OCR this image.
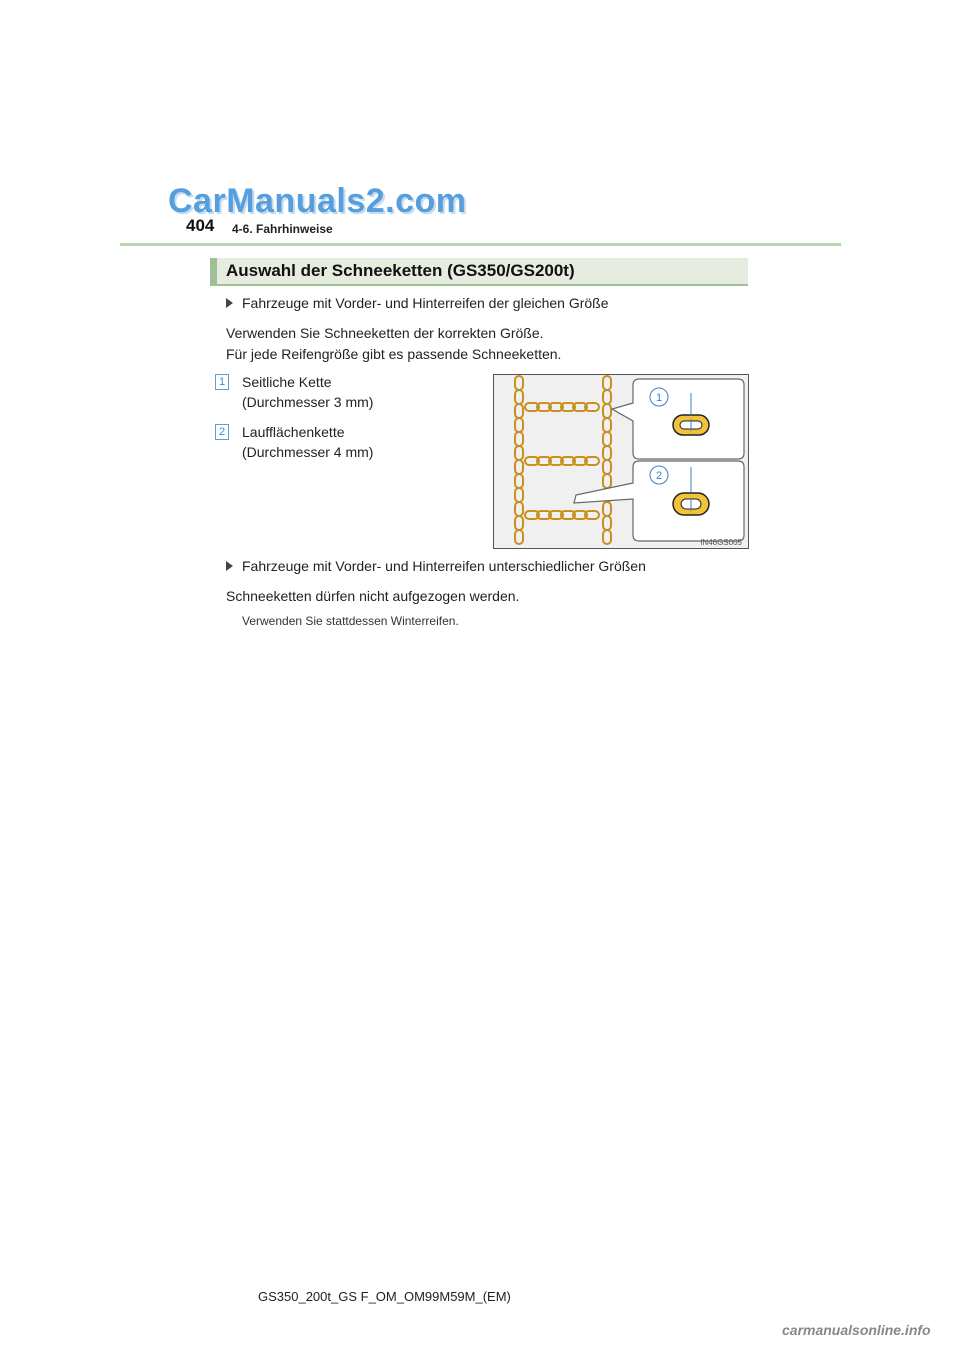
CarManuals2.com
404 4-6. Fahrhinweise
Auswahl der Schneeketten (GS350/GS200t)
Fahrzeuge mit Vorder- und Hinterreifen der gleichen Größe
Verwenden Sie Schneeketten der korrekten Größe.
Für jede Reifengröße gibt es passende Schneeketten.
1 Seitliche Kette
(Durchmesser 3 mm)
2 Laufflächenkette
(Durchmesser 4 mm)
1
2
IN46GS005
Fahrzeuge mit Vorder- und Hinterreifen unterschiedlicher Größen
Schneeketten dürfen nicht aufgezogen werden.
Verwenden Sie stattdessen Winterreifen.
GS350_200t_GS F_OM_OM99M59M_(EM)
carmanualsonline.info
